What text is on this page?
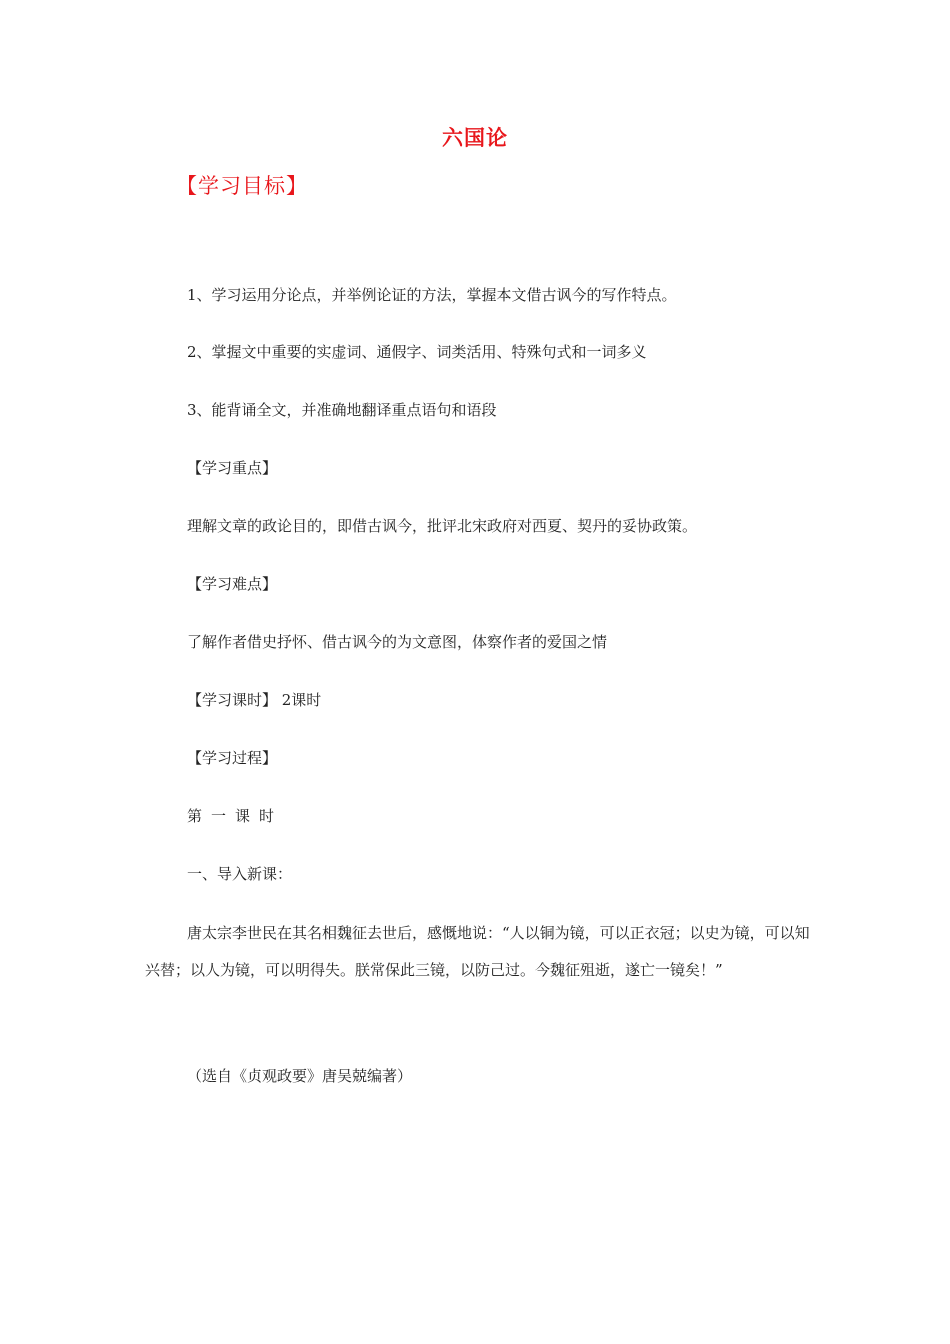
六国论
【学习目标】
1、学习运用分论点，并举例论证的方法，掌握本文借古讽今的写作特点。
2、掌握文中重要的实虚词、通假字、词类活用、特殊句式和一词多义
3、能背诵全文，并准确地翻译重点语句和语段
【学习重点】
理解文章的政论目的，即借古讽今，批评北宋政府对西夏、契丹的妥协政策。
【学习难点】
了解作者借史抒怀、借古讽今的为文意图，体察作者的爱国之情
【学习课时】 2课时
【学习过程】
第一课时
一、导入新课：
唐太宗李世民在其名相魏征去世后，感慨地说：“人以铜为镜，可以正衣冠；以史为镜，可以知兴替；以人为镜，可以明得失。朕常保此三镜，以防己过。今魏征殂逝，遂亡一镜矣！”
（选自《贞观政要》唐吴兢编著）
